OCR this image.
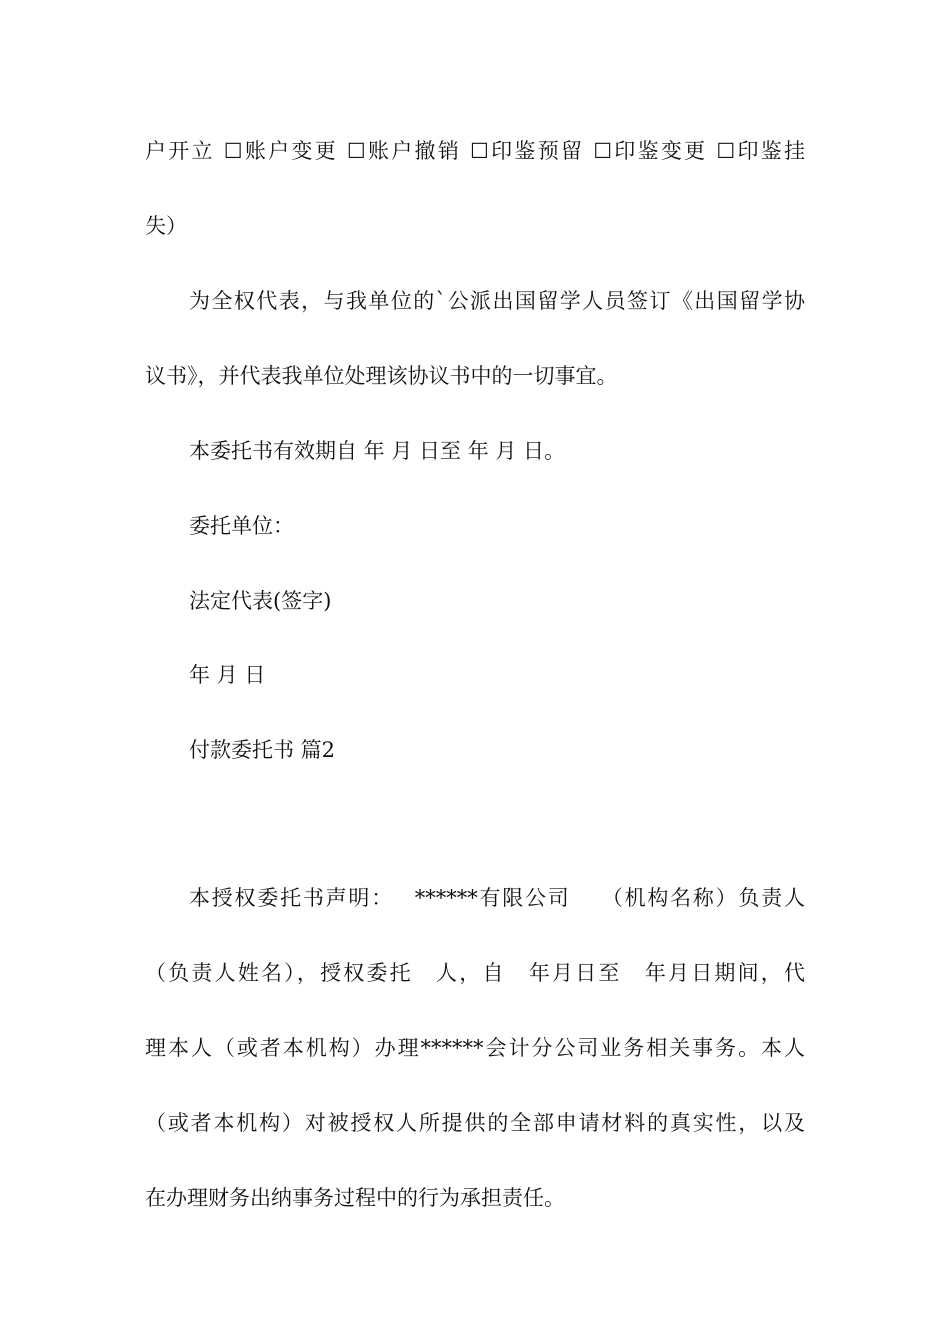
户开立 ☐账户变更 ☐账户撤销 ☐印鉴预留 ☐印鉴变更 ☐印鉴挂
失）
为全权代表，与我单位的`公派出国留学人员签订《出国留学协
议书》，并代表我单位处理该协议书中的一切事宜。
本委托书有效期自 年 月 日至 年 月 日。
委托单位：
法定代表(签字)
年 月 日
付款委托书 篇2
本授权委托书声明：　 ******有限公司　 （机构名称）负责人
（负责人姓名），授权委托　人，自　年月日至　年月日期间，代
理本人（或者本机构）办理******会计分公司业务相关事务。本人
（或者本机构）对被授权人所提供的全部申请材料的真实性，以及
在办理财务出纳事务过程中的行为承担责任。
